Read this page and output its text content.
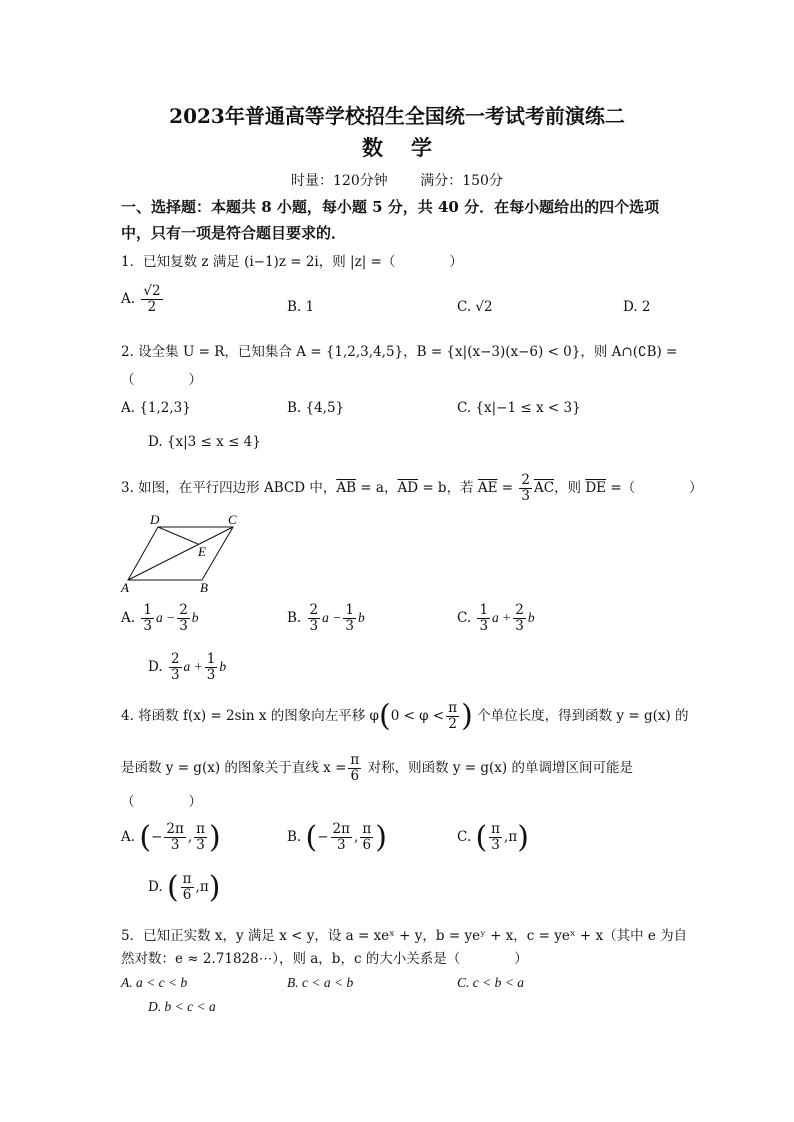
2023年普通高等学校招生全国统一考试考前演练二
数学
时量：120分钟 满分：150分
一、选择题：本题共 8 小题，每小题 5 分，共 40 分．在每小题给出的四个选项
中，只有一项是符合题目要求的．
1．已知复数 z 满足 (i−1)z = 2i，则 |z| =（　　　　）
A. $\frac{√2}{2}$	B. 1	C. √2	D. 2
2. 设全集 U = R，已知集合 A = {1,2,3,4,5}，B = {x|(x−3)(x−6) < 0}，则 A∩(∁B) =
（　　　　）
A. {1,2,3}	B. {4,5}	C. {x|−1 ≤ x < 3}
D. {x|3 ≤ x ≤ 4}
3. 如图，在平行四边形 ABCD 中，$\overline{AB} = a$，$\overline{AD} = b$，若 $\overline{AE} = \frac{2}{3} \overline{AC}$，则 $\overline{DE}$ =（　　　　）
D	C
E
A	B
A. $\frac{1}{3}$ $a - \frac{2}{3}$ b	B. $\frac{2}{3}$ $a - \frac{1}{3}$ b	C. $\frac{1}{3}$ $a + \frac{2}{3}$ b
D. $\frac{2}{3}$ $a + \frac{1}{3}$ b
4. 将函数 f(x) = 2sin x 的图象向左平移 $\varphi(0 < \varphi < \frac{\pi}{2}$ ) 个单位长度，得到函数 y = g(x) 的
是函数 y = g(x) 的图象关于直线 $x = \frac{\pi}{6}$ 对称，则函数 y = g(x) 的单调增区间可能是
（　　　　）
A. (− $\frac{2\pi}{3}$ , $\frac{\pi}{3}$ )	B. (− $\frac{2\pi}{3}$ , $\frac{\pi}{6}$ )	C. ( $\frac{\pi}{3} ,\pi$)
D. ( $\frac{\pi}{6} ,\pi$)
5．已知正实数 x，y 满足 x < y，设 a = xeˣ + y，b = yeʸ + x，c = yeˣ + x（其中 e 为自
然对数：e ≈ 2.71828⋯），则 a，b，c 的大小关系是（　　　　）
A. a < c < b	B. c < a < b	C. c < b < a
D. b < c < a
